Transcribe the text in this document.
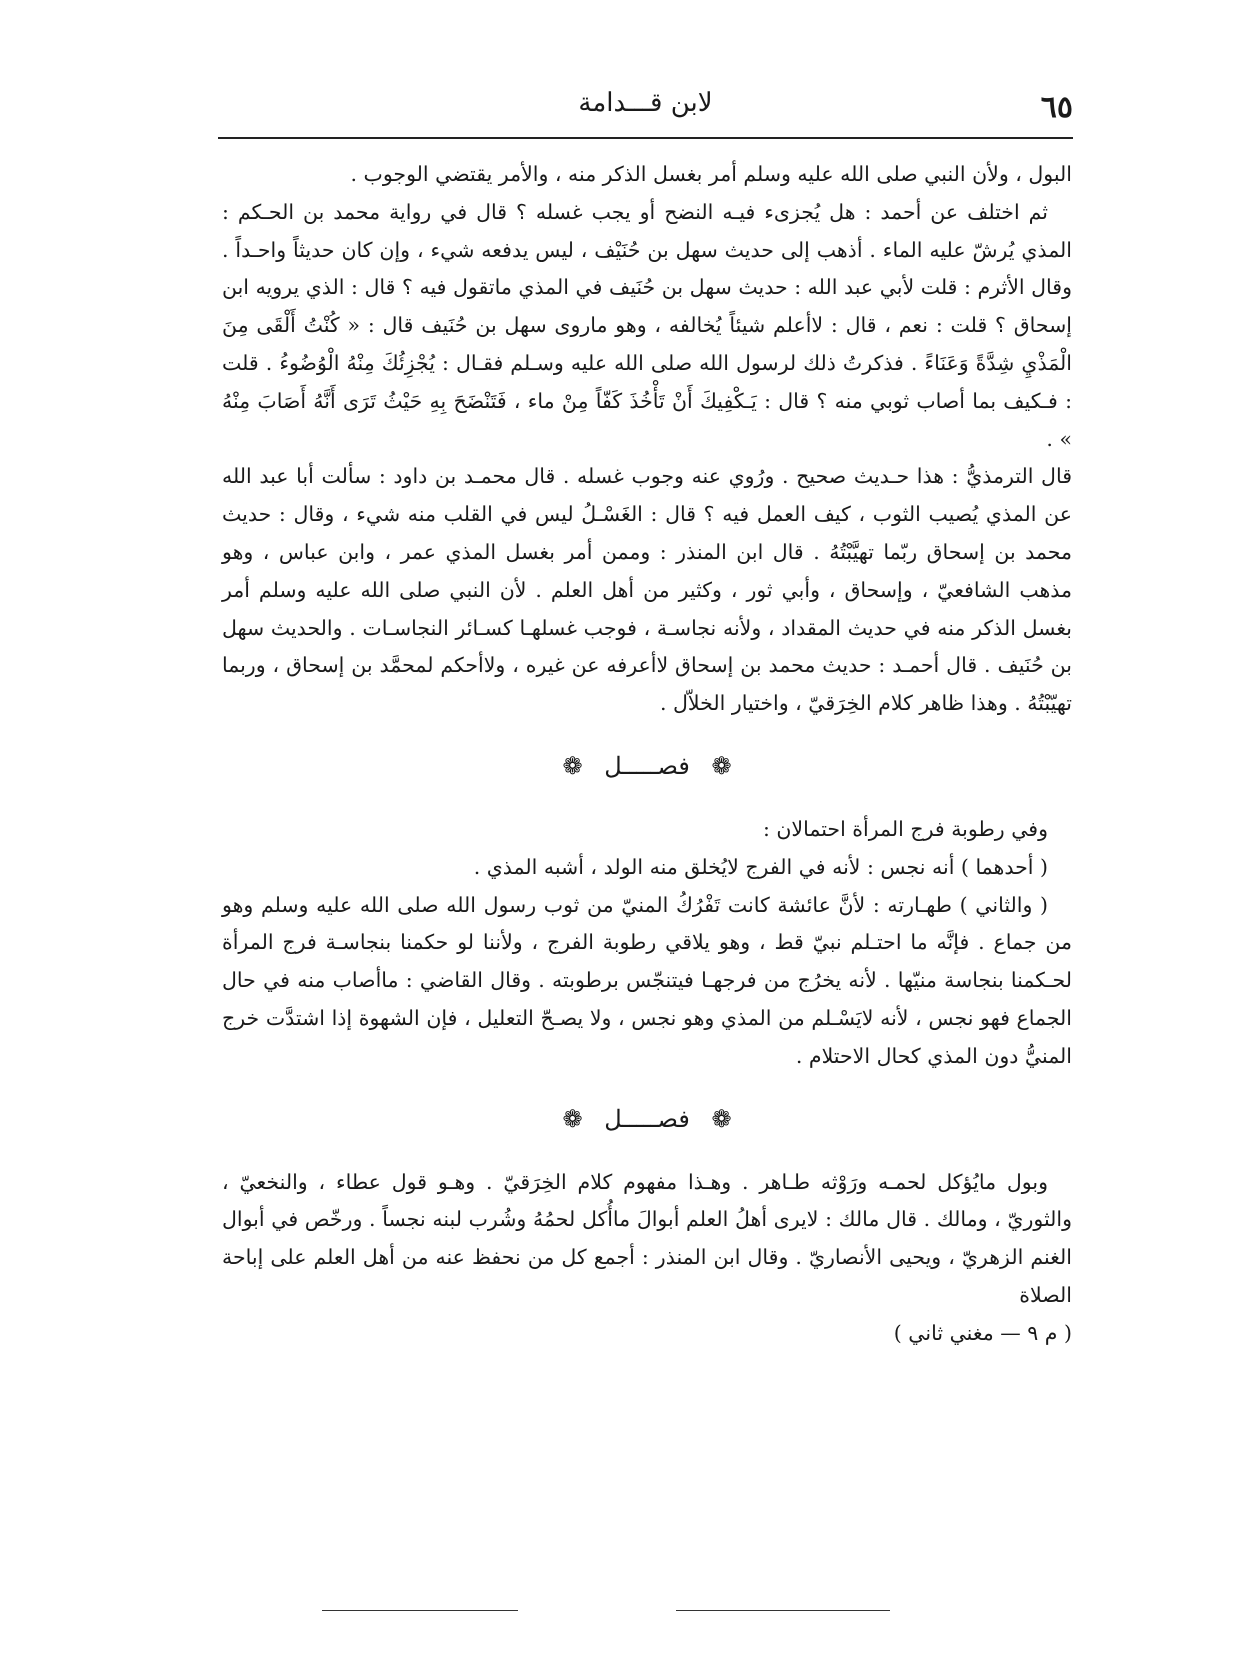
٦٥
لابن قـــدامة

البول ، ولأن النبي صلى الله عليه وسلم أمر بغسل الذكر منه ، والأمر يقتضي الوجوب .

ثم اختلف عن أحمد : هل يُجزىء فيـه النضح أو يجب غسله ؟ قال في رواية محمد بن الحـكم : المذي يُرشّ عليه الماء . أذهب إلى حديث سهل بن حُنَيْف ، ليس يدفعه شيء ، وإن كان حديثاً واحـداً . وقال الأثرم : قلت لأبي عبد الله : حديث سهل بن حُنَيف في المذي ماتقول فيه ؟ قال : الذي يرويه ابن إسحاق ؟ قلت : نعم ، قال : لاأعلم شيئاً يُخالفه ، وهو ماروى سهل بن حُنَيف قال : « كُنْتُ أَلْقَى مِنَ الْمَذْيِ شِدَّةً وَعَنَاءً . فذكرتُ ذلك لرسول الله صلى الله عليه وسـلم فقـال : يُجْزِئُكَ مِنْهُ الْوُضُوءُ . قلت : فـكيف بما أصاب ثوبي منه ؟ قال : يَـكْفِيكَ أَنْ تَأْخُذَ كَفّاً مِنْ ماء ، فَتَنْضَحَ بِهِ حَيْثُ تَرَى أَنَّهُ أَصَابَ مِنْهُ » .

قال الترمذيُّ : هذا حـديث صحيح . ورُوي عنه وجوب غسله . قال محمـد بن داود : سألت أبا عبد الله عن المذي يُصيب الثوب ، كيف العمل فيه ؟ قال : الغَسْـلُ ليس في القلب منه شيء ، وقال : حديث محمد بن إسحاق ربّما تهيَّبْتُهُ . قال ابن المنذر : وممن أمر بغسل المذي عمر ، وابن عباس ، وهو مذهب الشافعيّ ، وإسحاق ، وأبي ثور ، وكثير من أهل العلم . لأن النبي صلى الله عليه وسلم أمر بغسل الذكر منه في حديث المقداد ، ولأنه نجاسـة ، فوجب غسلهـا كسـائر النجاسـات . والحديث سهل بن حُنَيف . قال أحمـد : حديث محمد بن إسحاق لاأعرفه عن غيره ، ولاأحكم لمحمَّد بن إسحاق ، وربما تهيّبْتُهُ . وهذا ظاهر كلام الخِرَقيّ ، واختيار الخلاّل .

❁ فصـــــل ❁

وفي رطوبة فرج المرأة احتمالان :

( أحدهما ) أنه نجس : لأنه في الفرج لايُخلق منه الولد ، أشبه المذي .

( والثاني ) طهـارته : لأنَّ عائشة كانت تَفْرُكُ المنيّ من ثوب رسول الله صلى الله عليه وسلم وهو من جماع . فإنَّه ما احتـلم نبيّ قط ، وهو يلاقي رطوبة الفرج ، ولأننا لو حكمنا بنجاسـة فرج المرأة لحـكمنا بنجاسة منيّها . لأنه يخرُج من فرجهـا فيتنجّس برطوبته . وقال القاضي : ماأصاب منه في حال الجماع فهو نجس ، لأنه لايَسْـلم من المذي وهو نجس ، ولا يصـحّ التعليل ، فإن الشهوة إذا اشتدَّت خرج المنيُّ دون المذي كحال الاحتلام .

❁ فصـــــل ❁

وبول مايُؤكل لحمـه ورَوْثه طـاهر . وهـذا مفهوم كلام الخِرَقيّ . وهـو قول عطاء ، والنخعيّ ، والثوريّ ، ومالك . قال مالك : لايرى أهلُ العلم أبوالَ ماأُكل لحمُهُ وشُرب لبنه نجساً . ورخّص في أبوال الغنم الزهريّ ، ويحيى الأنصاريّ . وقال ابن المنذر : أجمع كل من نحفظ عنه من أهل العلم على إباحة الصلاة

( م ٩ — مغني ثاني )
